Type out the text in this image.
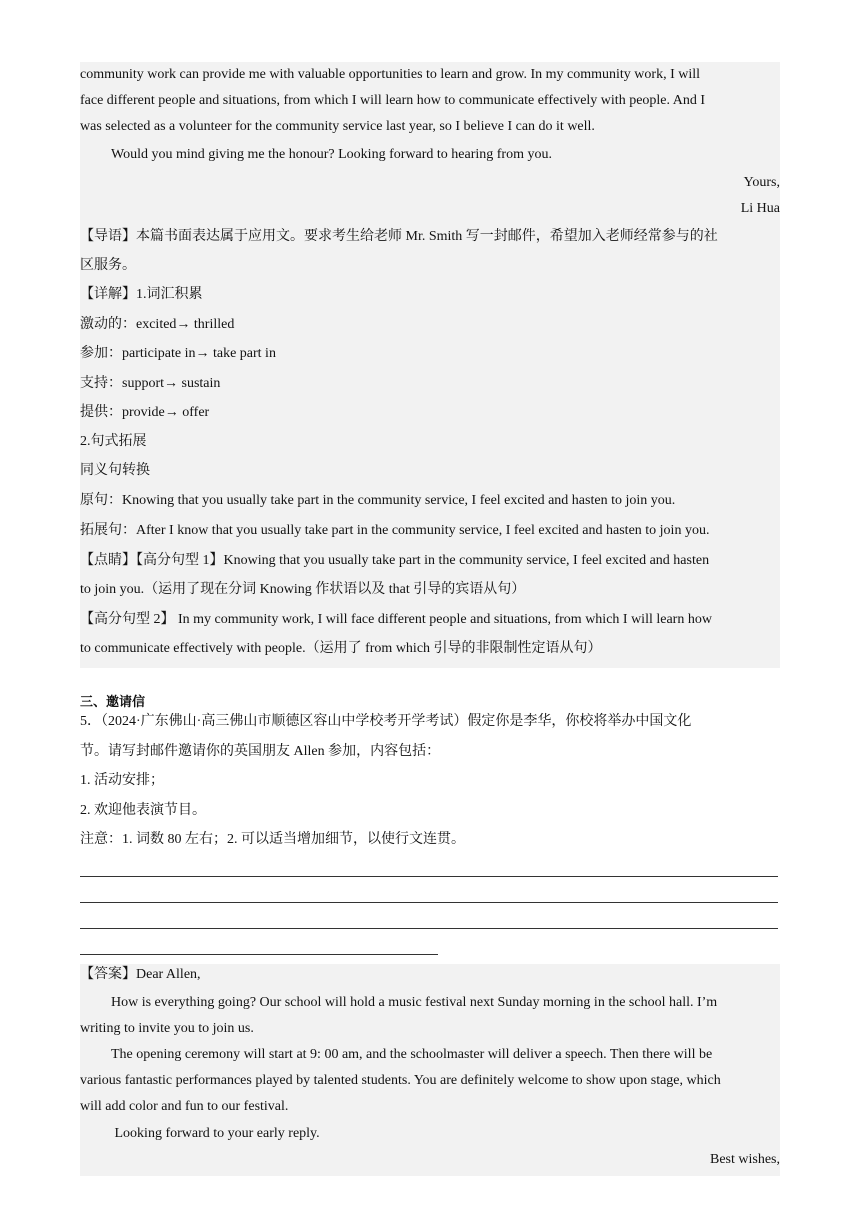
community work can provide me with valuable opportunities to learn and grow. In my community work, I will
face different people and situations, from which I will learn how to communicate effectively with people. And I
was selected as a volunteer for the community service last year, so I believe I can do it well.
Would you mind giving me the honour? Looking forward to hearing from you.
Yours,
Li Hua
【导语】本篇书面表达属于应用文。要求考生给老师 Mr. Smith 写一封邮件，希望加入老师经常参与的社
区服务。
【详解】1.词汇积累
激动的：excited→ thrilled
参加：participate in→ take part in
支持：support→ sustain
提供：provide→ offer
2.句式拓展
同义句转换
原句：Knowing that you usually take part in the community service, I feel excited and hasten to join you.
拓展句：After I know that you usually take part in the community service, I feel excited and hasten to join you.
【点睛】【高分句型 1】Knowing that you usually take part in the community service, I feel excited and hasten
to join you.（运用了现在分词 Knowing 作状语以及 that 引导的宾语从句）
【高分句型 2】 In my community work, I will face different people and situations, from which I will learn how
to communicate effectively with people.（运用了 from which 引导的非限制性定语从句）
三、邀请信
5．（2024·广东佛山·高三佛山市顺德区容山中学校考开学考试）假定你是李华，你校将举办中国文化
节。请写封邮件邀请你的英国朋友 Allen 参加，内容包括：
1. 活动安排；
2. 欢迎他表演节目。
注意：1. 词数 80 左右；2. 可以适当增加细节，以使行文连贯。
【答案】Dear Allen,
How is everything going? Our school will hold a music festival next Sunday morning in the school hall. I’m
writing to invite you to join us.
The opening ceremony will start at 9: 00 am, and the schoolmaster will deliver a speech. Then there will be
various fantastic performances played by talented students. You are definitely welcome to show upon stage, which
will add color and fun to our festival.
Looking forward to your early reply.
Best wishes,
